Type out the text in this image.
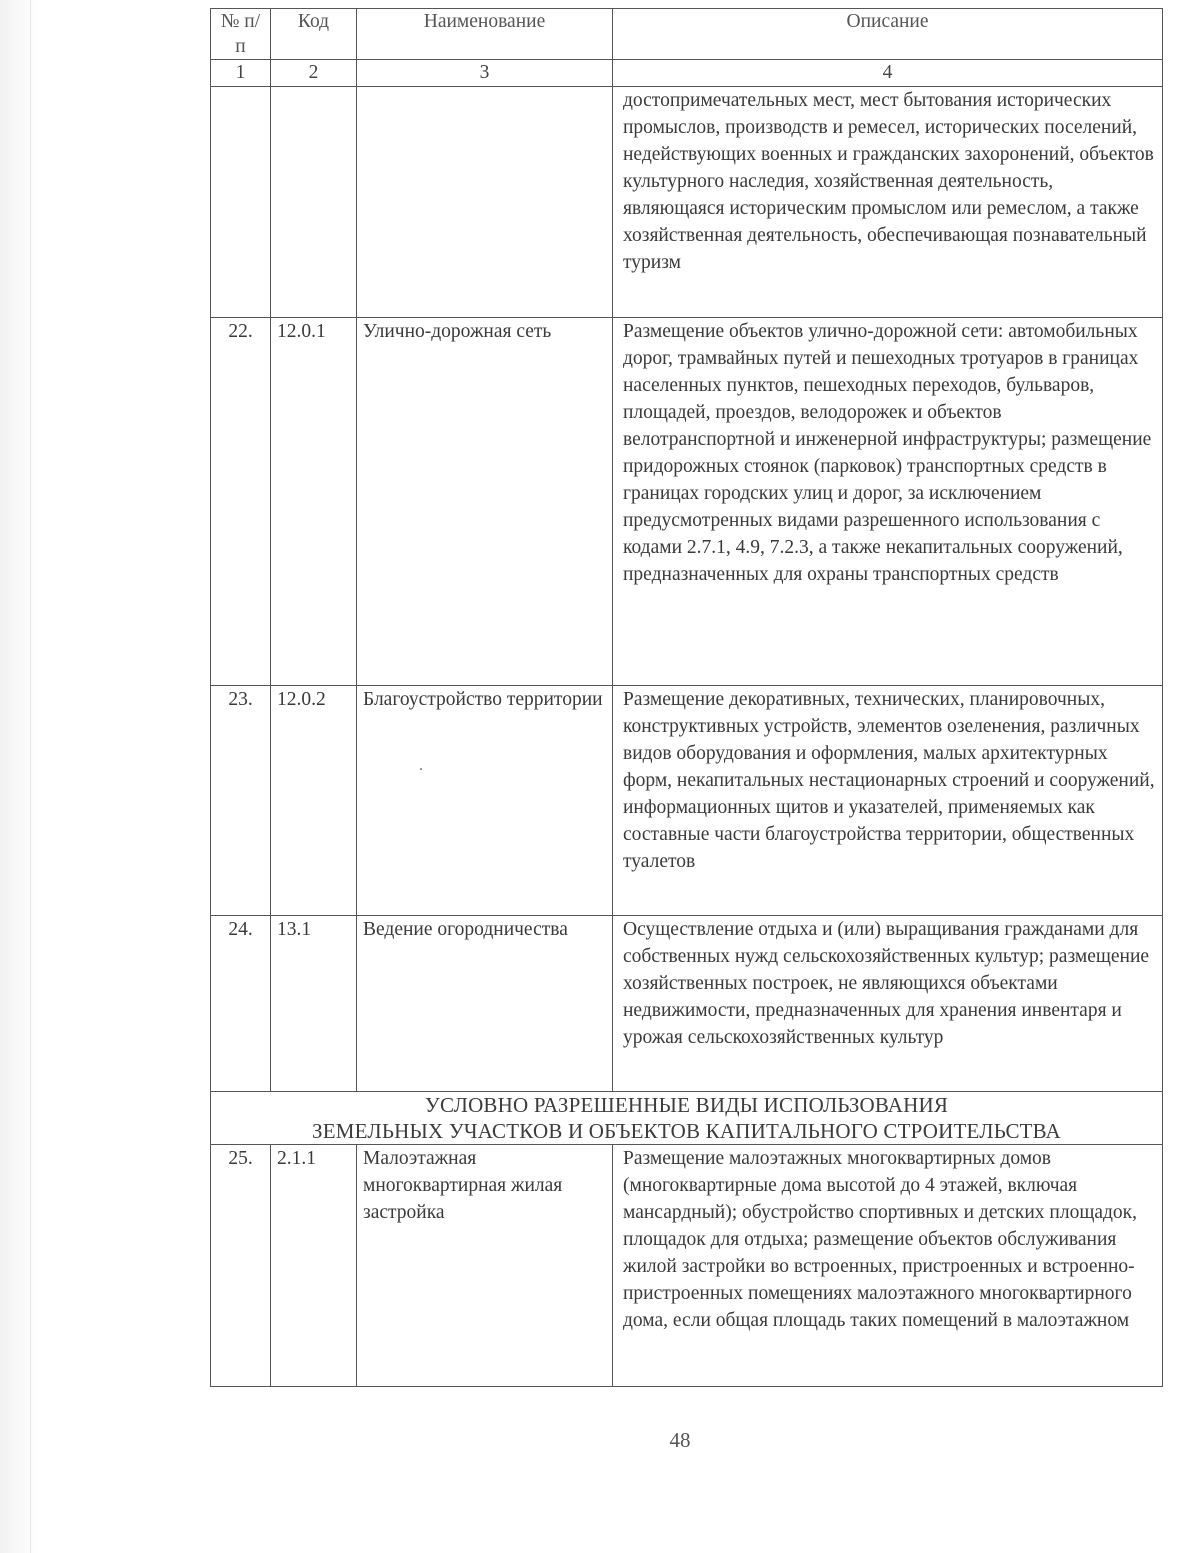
№ п/п	Код	Наименование	Описание
1	2	3	4
			достопримечательных мест, мест бытования исторических промыслов, производств и ремесел, исторических поселений, недействующих военных и гражданских захоронений, объектов культурного наследия, хозяйственная деятельность, являющаяся историческим промыслом или ремеслом, а также хозяйственная деятельность, обеспечивающая познавательный туризм
22.	12.0.1	Улично-дорожная сеть	Размещение объектов улично-дорожной сети: автомобильных дорог, трамвайных путей и пешеходных тротуаров в границах населенных пунктов, пешеходных переходов, бульваров, площадей, проездов, велодорожек и объектов велотранспортной и инженерной инфраструктуры; размещение придорожных стоянок (парковок) транспортных средств в границах городских улиц и дорог, за исключением предусмотренных видами разрешенного использования с кодами 2.7.1, 4.9, 7.2.3, а также некапитальных сооружений, предназначенных для охраны транспортных средств
23.	12.0.2	Благоустройство территории	Размещение декоративных, технических, планировочных, конструктивных устройств, элементов озеленения, различных видов оборудования и оформления, малых архитектурных форм, некапитальных нестационарных строений и сооружений, информационных щитов и указателей, применяемых как составные части благоустройства территории, общественных туалетов
24.	13.1	Ведение огородничества	Осуществление отдыха и (или) выращивания гражданами для собственных нужд сельскохозяйственных культур; размещение хозяйственных построек, не являющихся объектами недвижимости, предназначенных для хранения инвентаря и урожая сельскохозяйственных культур

УСЛОВНО РАЗРЕШЕННЫЕ ВИДЫ ИСПОЛЬЗОВАНИЯ
ЗЕМЕЛЬНЫХ УЧАСТКОВ И ОБЪЕКТОВ КАПИТАЛЬНОГО СТРОИТЕЛЬСТВА			

25.	2.1.1	Малоэтажная многоквартирная жилая застройка	Размещение малоэтажных многоквартирных домов (многоквартирные дома высотой до 4 этажей, включая мансардный); обустройство спортивных и детских площадок, площадок для отдыха; размещение объектов обслуживания жилой застройки во встроенных, пристроенных и встроенно-пристроенных помещениях малоэтажного многоквартирного дома, если общая площадь таких помещений в малоэтажном
48
